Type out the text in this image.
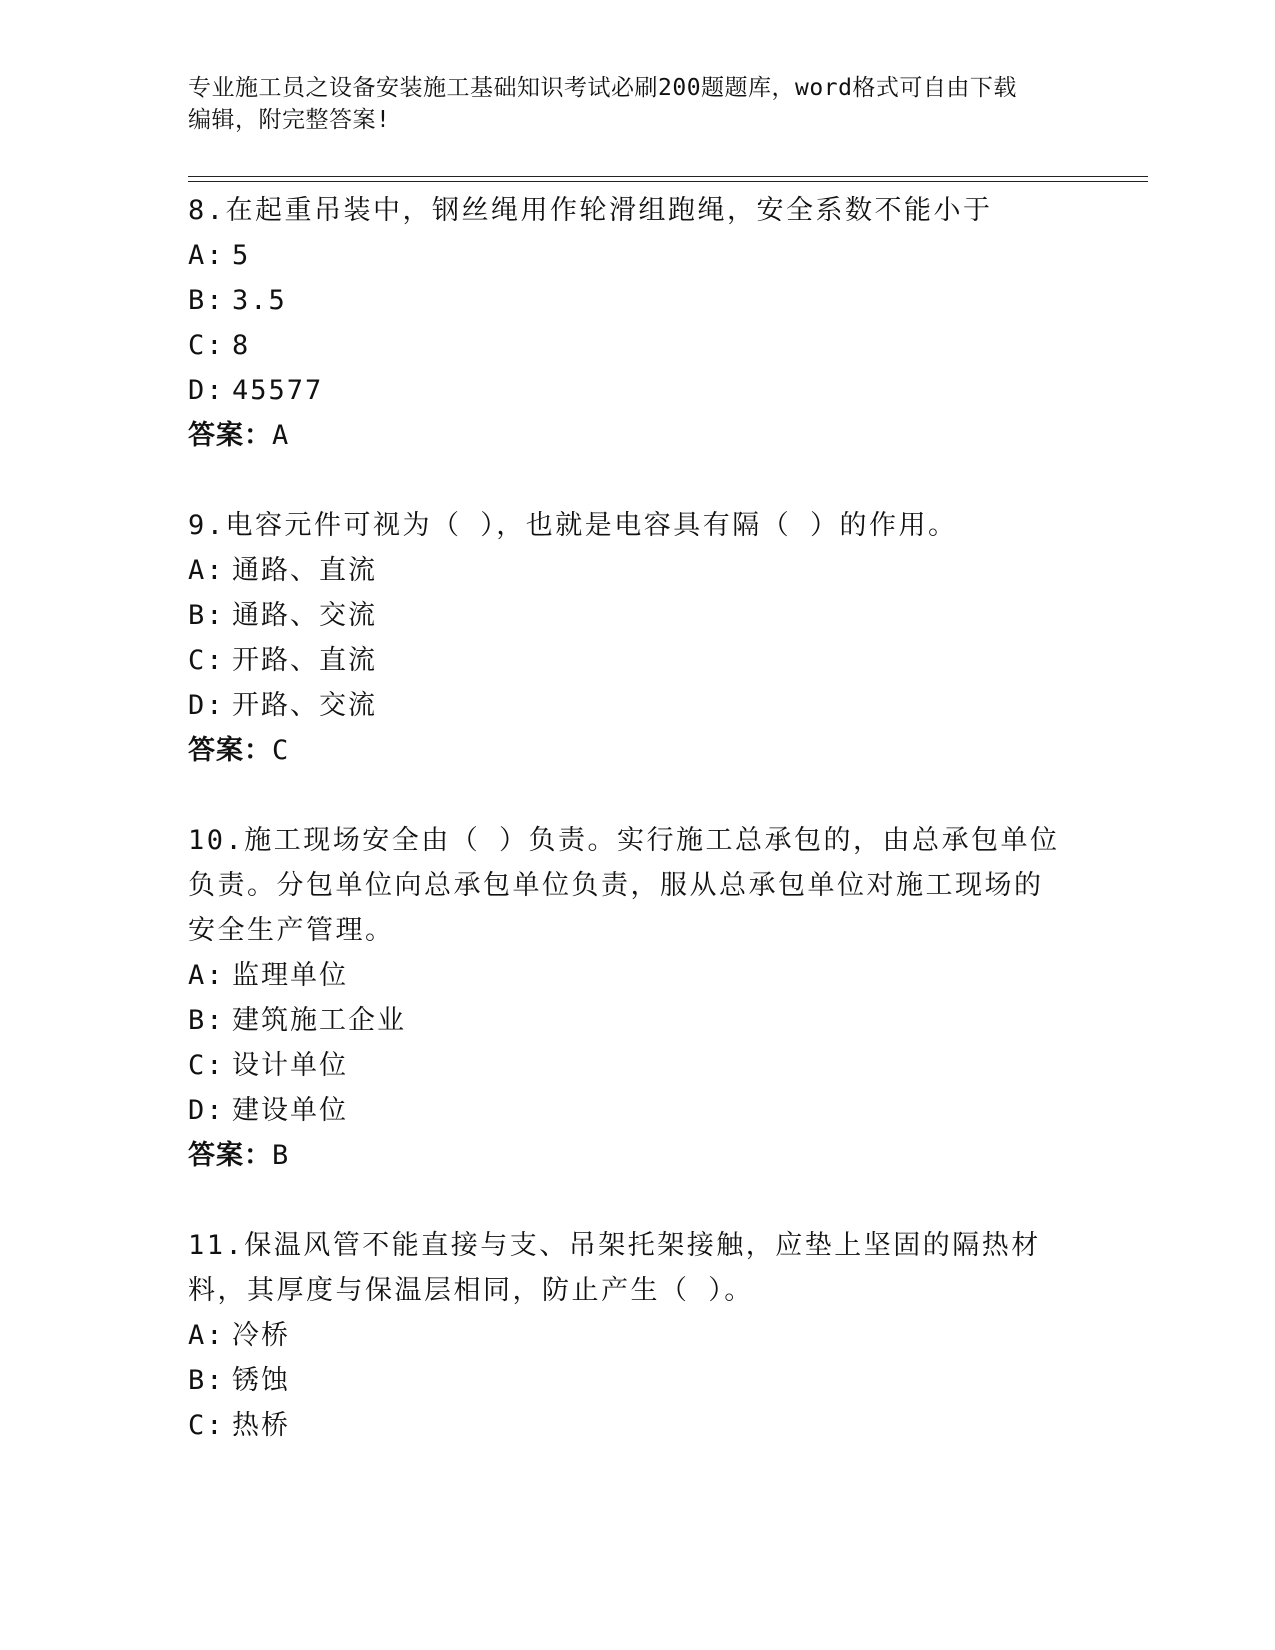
专业施工员之设备安装施工基础知识考试必刷200题题库，word格式可自由下载
编辑，附完整答案!

8.在起重吊装中，钢丝绳用作轮滑组跑绳，安全系数不能小于

A: 5

B: 3.5

C: 8

D: 45577

答案：A

9.电容元件可视为（ ），也就是电容具有隔（ ）的作用。

A: 通路、直流

B: 通路、交流

C: 开路、直流

D: 开路、交流

答案：C

10.施工现场安全由（ ）负责。实行施工总承包的，由总承包单位负责。分包单位向总承包单位负责，服从总承包单位对施工现场的安全生产管理。

A: 监理单位

B: 建筑施工企业

C: 设计单位

D: 建设单位

答案：B

11.保温风管不能直接与支、吊架托架接触，应垫上坚固的隔热材料，其厚度与保温层相同，防止产生（ ）。

A: 冷桥

B: 锈蚀

C: 热桥
